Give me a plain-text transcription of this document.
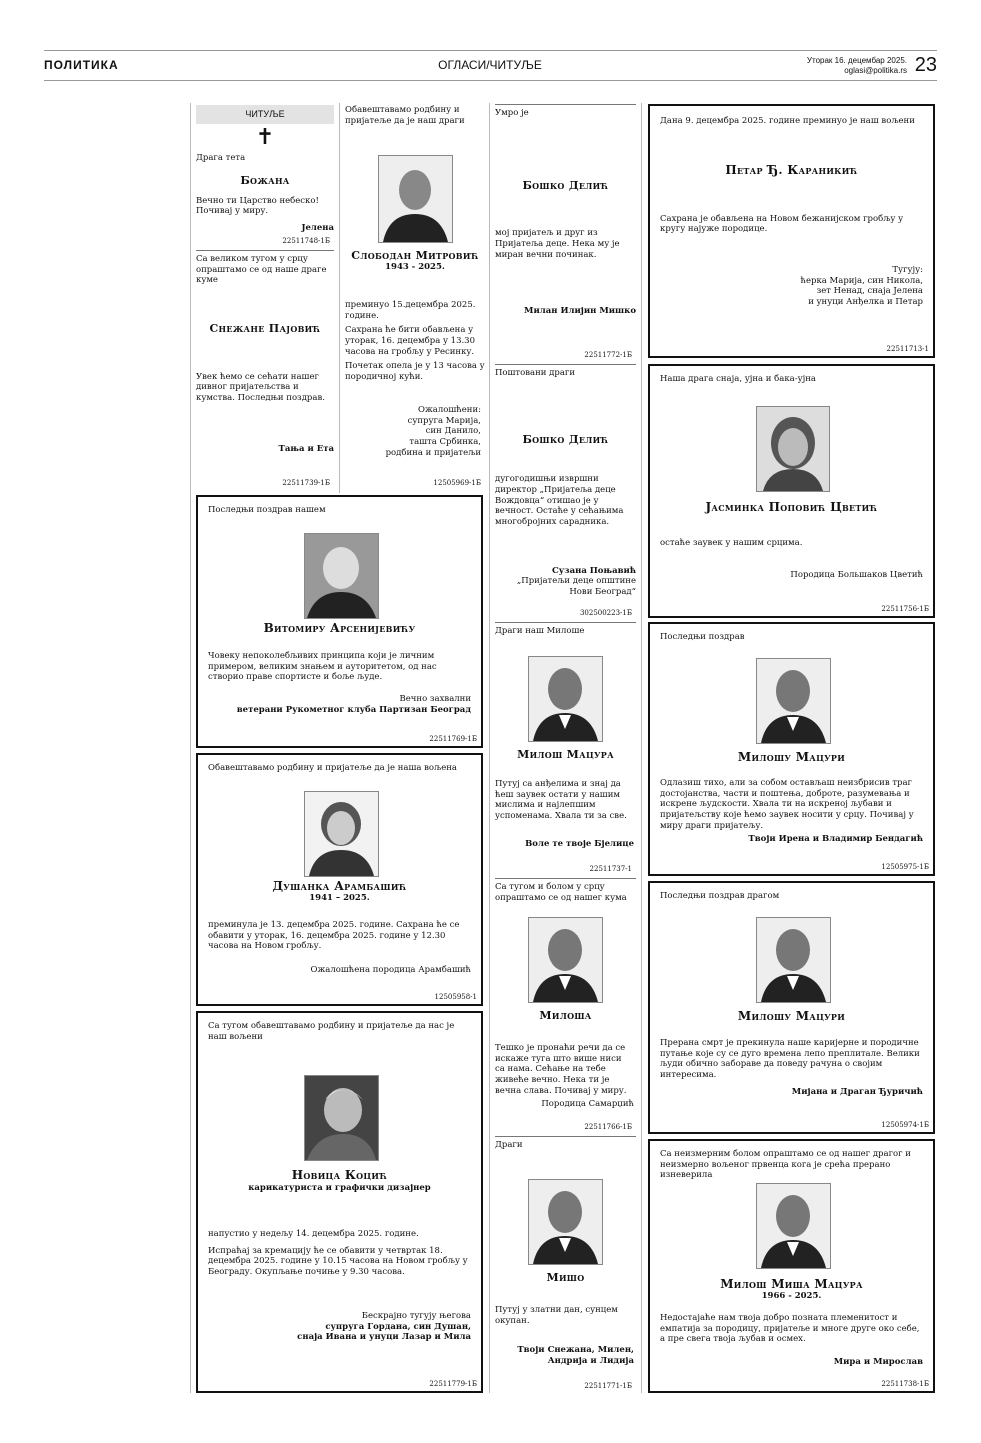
ПОЛИТИКА	ОГЛАСИ/ЧИТУЉЕ	Уторак 16. децембар 2025.
oglasi@politika.rs 23
ЧИТУЉЕ
✝

Драга тета

Божана

Вечно ти Царство небеско! Почивај у миру.

Јелена

22511748-1Б

Са великом тугом у срцу опраштамо се од наше драге куме

Снежане Пајовић

Увек ћемо се сећати нашег дивног пријатељства и кумства. Последњи поздрав.

Тања и Ета

22511739-1Б

Обавештавамо родбину и пријатеље да је наш драги

Слободан Митровић

1943 - 2025.

преминуо 15.децембра 2025. године.

Сахрана ће бити обављена у уторак, 16. децембра у 13.30 часова на гробљу у Ресинку.

Почетак опела је у 13 часова у породичној кући.

Ожалошћени:

супруга Марија,

син Данило,

ташта Србинка,

родбина и пријатељи

12505969-1Б

Умро је

Бошко Делић

мој пријатељ и друг из Пријатеља деце. Нека му је миран вечни починак.

Милан Илијин Мишко

22511772-1Б

Поштовани драги

Бошко Делић

дугогодишњи извршни директор „Пријатеља деце Вождовца“ отишао је у вечност. Остаће у сећањима многобројних сарадника.

Сузана Поњавић

„Пријатељи деце општине

Нови Београд“

302500223-1Б

Дана 9. децембра 2025. године преминуо је наш вољени

Петар Ђ. Караникић

Сахрана је обављена на Новом бежанијском гробљу у кругу најуже породице.

Тугују:

ћерка Марија, син Никола,

зет Ненад, снаја Јелена

и унуци Анђелка и Петар

22511713-1

Наша драга снаја, ујна и бака-ујна

Јасминка Поповић Цветић

остаће заувек у нашим срцима.

Породица Большаков Цветић

22511756-1Б

Последњи поздрав нашем

Витомиру Арсенијевићу

Човеку непоколебљивих принципа који је личним примером, великим знањем и ауторитетом, од нас створио праве спортисте и боље људе.

Вечно захвални

ветерани Рукометног клуба Партизан Београд

22511769-1Б

Драги наш Милоше

Милош Мацура

Путуј са анђелима и знај да ћеш заувек остати у нашим мислима и најлепшим успоменама. Хвала ти за све.

Воле те твоје Бјелице

22511737-1

Последњи поздрав

Милошу Мацури

Одлазиш тихо, али за собом остављаш неизбрисив траг достојанства, части и поштења, доброте, разумевања и искрене људскости. Хвала ти на искреној љубави и пријатељству које ћемо заувек носити у срцу. Почивај у миру драги пријатељу.

Твоји Ирена и Владимир Бендагић

12505975-1Б

Обавештавамо родбину и пријатеље да је наша вољена

Душанка Арамбашић

1941 – 2025.

преминула је 13. децембра 2025. године. Сахрана ће се обавити у уторак, 16. децембра 2025. године у 12.30 часова на Новом гробљу.

Ожалошћена породица Арамбашић

12505958-1

Са тугом и болом у срцу опраштамо се од нашег кума

Милоша

Тешко је пронаћи речи да се искаже туга што више ниси са нама. Сећање на тебе живеће вечно. Нека ти је вечна слава. Почивај у миру.

Породица Самарџић

22511766-1Б

Последњи поздрав драгом

Милошу Мацури

Прерана смрт је прекинула наше каријерне и породичне путање које су се дуго времена лепо преплитале. Велики људи обично забораве да поведу рачуна о својим интересима.

Мијана и Драган Ђуричић

12505974-1Б

Са тугом обавештавамо родбину и пријатеље да нас је наш вољени

Новица Коцић

карикатуриста и графички дизајнер

напустио у недељу 14. децембра 2025. године.

Испраћај за кремацију ће се обавити у четвртак 18. децембра 2025. године у 10.15 часова на Новом гробљу у Београду. Окупљање почиње у 9.30 часова.

Бескрајно тугују његова

супруга Гордана, син Душан,

снаја Ивана и унуци Лазар и Мила

22511779-1Б

Драги

Мишо

Путуј у златни дан, сунцем окупан.

Твоји Снежана, Милен,

Андрија и Лидија

22511771-1Б

Са неизмерним болом опраштамо се од нашег драгог и неизмерно вољеног првенца кога је срећа прерано изневерила

Милош Миша Мацура

1966 - 2025.

Недостајаће нам твоја добро позната племенитост и емпатија за породицу, пријатеље и многе друге око себе, а пре свега твоја љубав и осмех.

Мира и Мирослав

22511738-1Б
